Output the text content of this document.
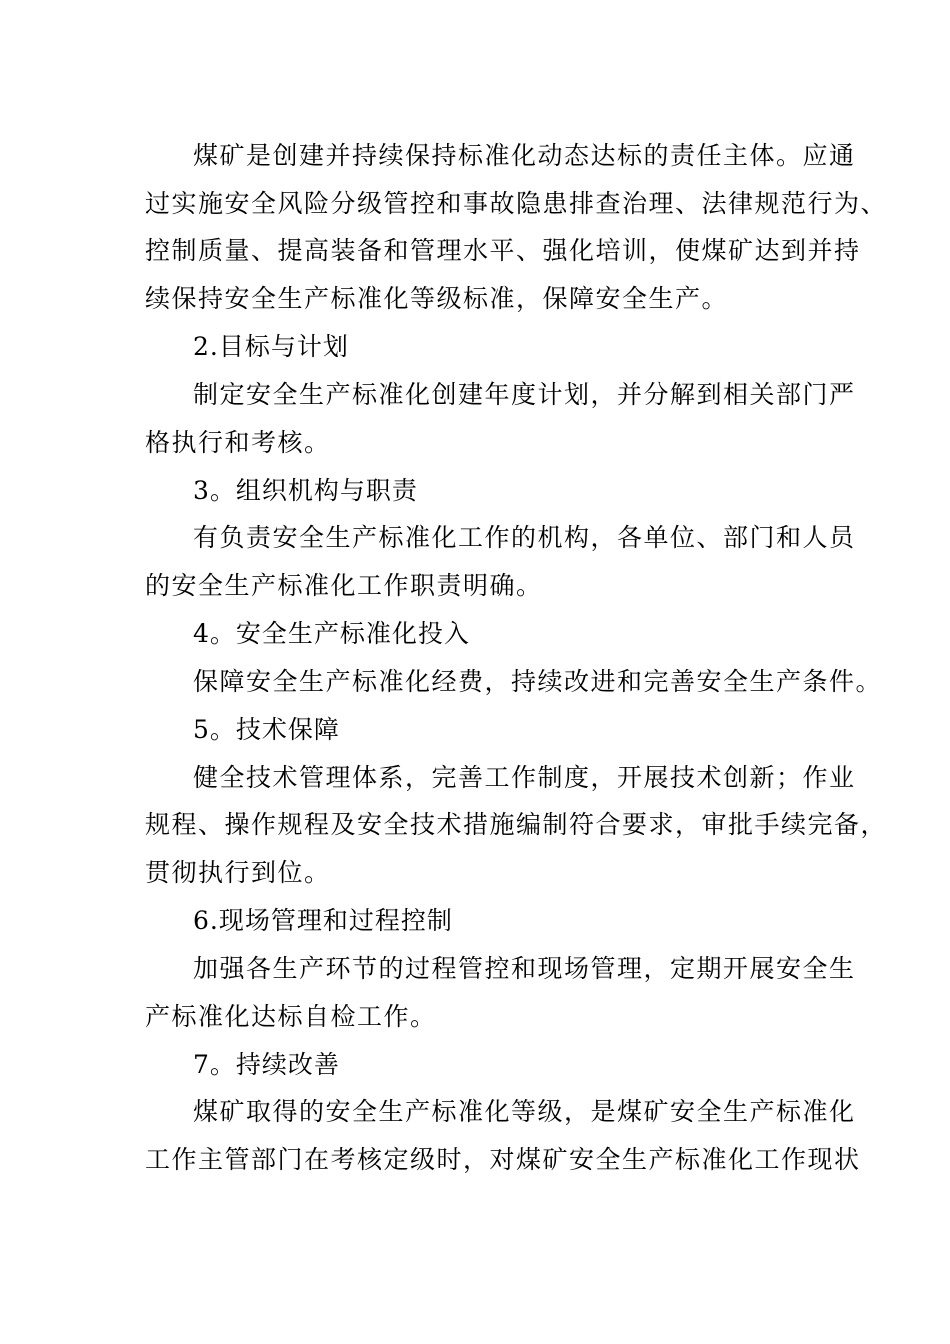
煤矿是创建并持续保持标准化动态达标的责任主体。应通
过实施安全风险分级管控和事故隐患排查治理、法律规范行为、
控制质量、提高装备和管理水平、强化培训，使煤矿达到并持
续保持安全生产标准化等级标准，保障安全生产。
2.目标与计划
制定安全生产标准化创建年度计划，并分解到相关部门严
格执行和考核。
3。组织机构与职责
有负责安全生产标准化工作的机构，各单位、部门和人员
的安全生产标准化工作职责明确。
4。安全生产标准化投入
保障安全生产标准化经费，持续改进和完善安全生产条件。
5。技术保障
健全技术管理体系，完善工作制度，开展技术创新；作业
规程、操作规程及安全技术措施编制符合要求，审批手续完备，
贯彻执行到位。
6.现场管理和过程控制
加强各生产环节的过程管控和现场管理，定期开展安全生
产标准化达标自检工作。
7。持续改善
煤矿取得的安全生产标准化等级，是煤矿安全生产标准化
工作主管部门在考核定级时，对煤矿安全生产标准化工作现状
